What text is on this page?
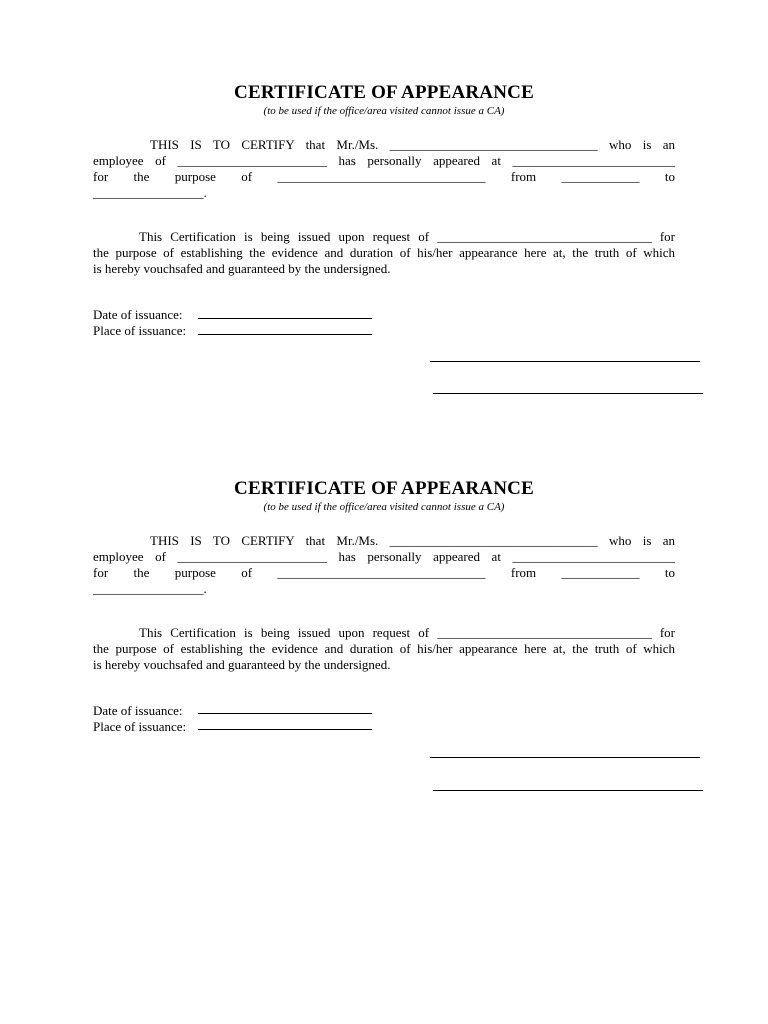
CERTIFICATE OF APPEARANCE
(to be used if the office/area visited cannot issue a CA)
THIS IS TO CERTIFY that Mr./Ms. ________________________________ who is an
employee of _______________________ has personally appeared at _________________________
for the purpose of ________________________________ from ____________ to
_________________.
This Certification is being issued upon request of _________________________________ for
the purpose of establishing the evidence and duration of his/her appearance here at, the truth of which
is hereby vouchsafed and guaranteed by the undersigned.
Date of issuance:
Place of issuance:
CERTIFICATE OF APPEARANCE
(to be used if the office/area visited cannot issue a CA)
THIS IS TO CERTIFY that Mr./Ms. ________________________________ who is an
employee of _______________________ has personally appeared at _________________________
for the purpose of ________________________________ from ____________ to
_________________.
This Certification is being issued upon request of _________________________________ for
the purpose of establishing the evidence and duration of his/her appearance here at, the truth of which
is hereby vouchsafed and guaranteed by the undersigned.
Date of issuance:
Place of issuance:
